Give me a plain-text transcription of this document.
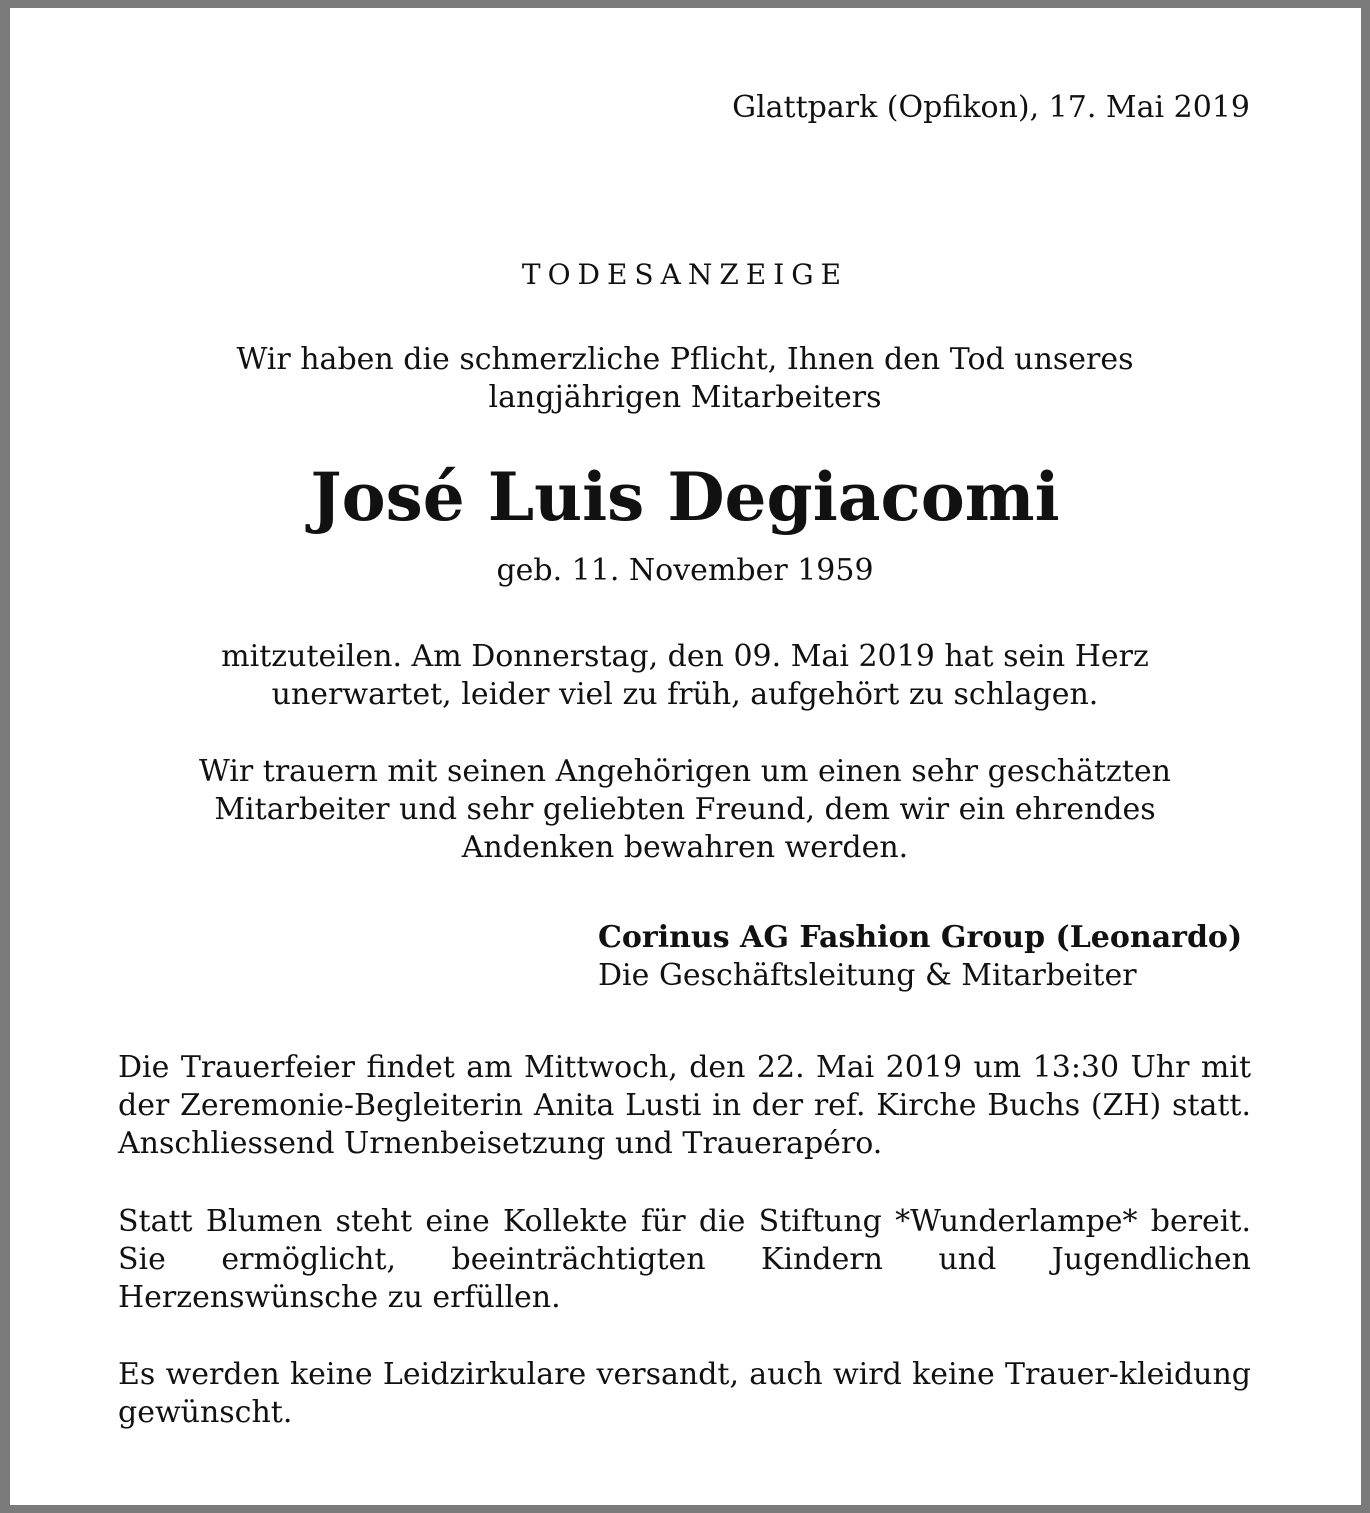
Glattpark (Opfikon), 17. Mai 2019

TODESANZEIGE

Wir haben die schmerzliche Pflicht, Ihnen den Tod unseres

langjährigen Mitarbeiters

José Luis Degiacomi

geb. 11. November 1959

mitzuteilen. Am Donnerstag, den 09. Mai 2019 hat sein Herz

unerwartet, leider viel zu früh, aufgehört zu schlagen.

Wir trauern mit seinen Angehörigen um einen sehr geschätzten

Mitarbeiter und sehr geliebten Freund, dem wir ein ehrendes

Andenken bewahren werden.

Corinus AG Fashion Group (Leonardo)

Die Geschäftsleitung & Mitarbeiter

Die Trauerfeier findet am Mittwoch, den 22. Mai 2019 um 13:30 Uhr mit der Zeremonie-Begleiterin Anita Lusti in der ref. Kirche Buchs (ZH) statt. Anschliessend Urnenbeisetzung und Trauerapéro.

Statt Blumen steht eine Kollekte für die Stiftung *Wunderlampe* bereit. Sie ermöglicht, beeinträchtigten Kindern und Jugendlichen Herzenswünsche zu erfüllen.

Es werden keine Leidzirkulare versandt, auch wird keine Trauer-kleidung gewünscht.
